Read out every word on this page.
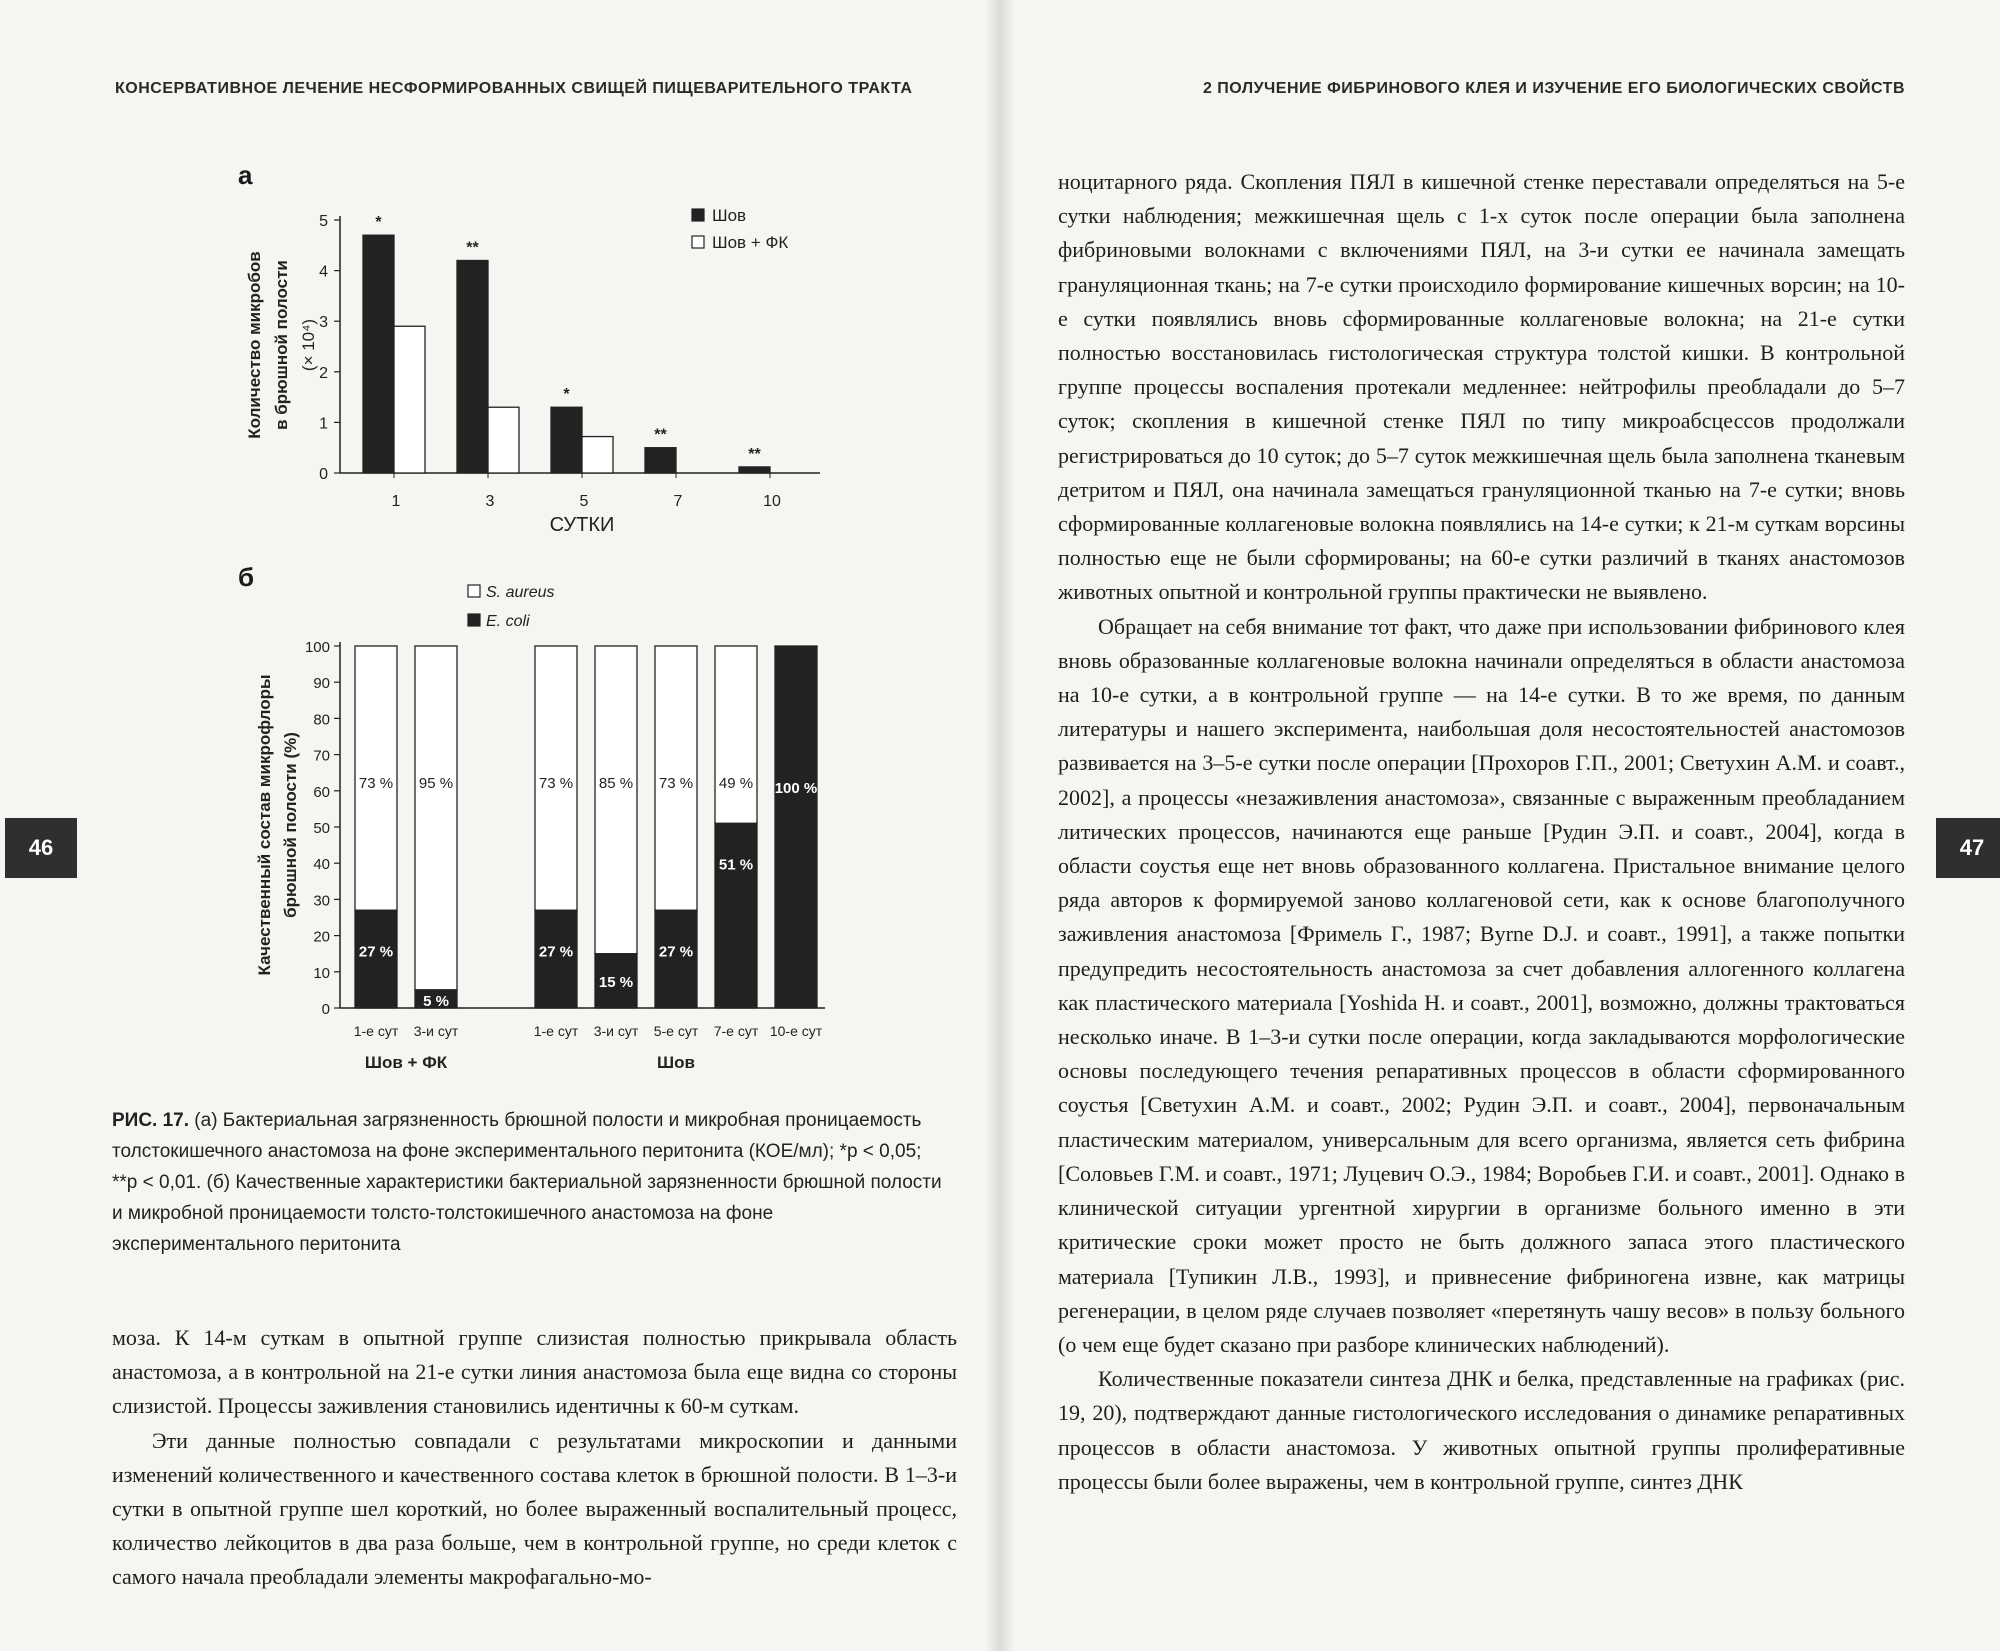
КОНСЕРВАТИВНОЕ ЛЕЧЕНИЕ НЕСФОРМИРОВАННЫХ СВИЩЕЙ ПИЩЕВАРИТЕЛЬНОГО ТРАКТА	2 ПОЛУЧЕНИЕ ФИБРИНОВОГО КЛЕЯ И ИЗУЧЕНИЕ ЕГО БИОЛОГИЧЕСКИХ СВОЙСТВ
46	47
а
б
0
1
2
3
4
5	*
1
**
3
*
5
**
7
**
10
СУТКИ
Количество микробов в брюшной полости (× 10⁴)
Шов
Шов + ФК
0
10
20
30
40
50
60
70
80
90
100
S. aureus
E. coli
73 %
27 %
1-е сут
95 %
5 %
3-и сут
Шов + ФК
73 %
27 %
1-е сут
85 %
15 %
3-и сут
73 %
27 %
5-е сут
49 %
51 %
7-е сут
100 %
10-е сут
Шов
Качественный состав микрофлоры брюшной полости (%)
РИС. 17. (а) Бактериальная загрязненность брюшной полости и микробная проницаемость толстокишечного анастомоза на фоне экспериментального перитонита (КОЕ/мл); *р < 0,05; **р < 0,01. (б) Качественные характеристики бактериальной зарязненности брюшной полости и микробной проницаемости толсто-толстокишечного анастомоза на фоне экспериментального перитонита

моза. К 14-м суткам в опытной группе слизистая полностью прикрывала область анастомоза, а в контрольной на 21-е сутки линия анастомоза была еще видна со стороны слизистой. Процессы заживления становились идентичны к 60-м суткам.

Эти данные полностью совпадали с результатами микроскопии и данными изменений количественного и качественного состава клеток в брюшной полости. В 1–3-и сутки в опытной группе шел короткий, но более выраженный воспалительный процесс, количество лейкоцитов в два раза больше, чем в контрольной группе, но среди клеток с самого начала преобладали элементы макрофагально-мо-

ноцитарного ряда. Скопления ПЯЛ в кишечной стенке переставали определяться на 5-е сутки наблюдения; межкишечная щель с 1-х суток после операции была заполнена фибриновыми волокнами с включениями ПЯЛ, на 3-и сутки ее начинала замещать грануляционная ткань; на 7-е сутки происходило формирование кишечных ворсин; на 10-е сутки появлялись вновь сформированные коллагеновые волокна; на 21-е сутки полностью восстановилась гистологическая структура толстой кишки. В контрольной группе процессы воспаления протекали медленнее: нейтрофилы преобладали до 5–7 суток; скопления в кишечной стенке ПЯЛ по типу микроабсцессов продолжали регистрироваться до 10 суток; до 5–7 суток межкишечная щель была заполнена тканевым детритом и ПЯЛ, она начинала замещаться грануляционной тканью на 7-е сутки; вновь сформированные коллагеновые волокна появлялись на 14-е сутки; к 21-м суткам ворсины полностью еще не были сформированы; на 60-е сутки различий в тканях анастомозов животных опытной и контрольной группы практически не выявлено.

Обращает на себя внимание тот факт, что даже при использовании фибринового клея вновь образованные коллагеновые волокна начинали определяться в области анастомоза на 10-е сутки, а в контрольной группе — на 14-е сутки. В то же время, по данным литературы и нашего эксперимента, наибольшая доля несостоятельностей анастомозов развивается на 3–5-е сутки после операции [Прохоров Г.П., 2001; Светухин А.М. и соавт., 2002], а процессы «незаживления анастомоза», связанные с выраженным преобладанием литических процессов, начинаются еще раньше [Рудин Э.П. и соавт., 2004], когда в области соустья еще нет вновь образованного коллагена. Пристальное внимание целого ряда авторов к формируемой заново коллагеновой сети, как к основе благополучного заживления анастомоза [Фримель Г., 1987; Byrne D.J. и соавт., 1991], а также попытки предупредить несостоятельность анастомоза за счет добавления аллогенного коллагена как пластического материала [Yoshida H. и соавт., 2001], возможно, должны трактоваться несколько иначе. В 1–3-и сутки после операции, когда закладываются морфологические основы последующего течения репаративных процессов в области сформированного соустья [Светухин А.М. и соавт., 2002; Рудин Э.П. и соавт., 2004], первоначальным пластическим материалом, универсальным для всего организма, является сеть фибрина [Соловьев Г.М. и соавт., 1971; Луцевич О.Э., 1984; Воробьев Г.И. и соавт., 2001]. Однако в клинической ситуации ургентной хирургии в организме больного именно в эти критические сроки может просто не быть должного запаса этого пластического материала [Тупикин Л.В., 1993], и привнесение фибриногена извне, как матрицы регенерации, в целом ряде случаев позволяет «перетянуть чашу весов» в пользу больного (о чем еще будет сказано при разборе клинических наблюдений).

Количественные показатели синтеза ДНК и белка, представленные на графиках (рис. 19, 20), подтверждают данные гистологического исследования о динамике репаративных процессов в области анастомоза. У животных опытной группы пролиферативные процессы были более выражены, чем в контрольной группе, синтез ДНК
